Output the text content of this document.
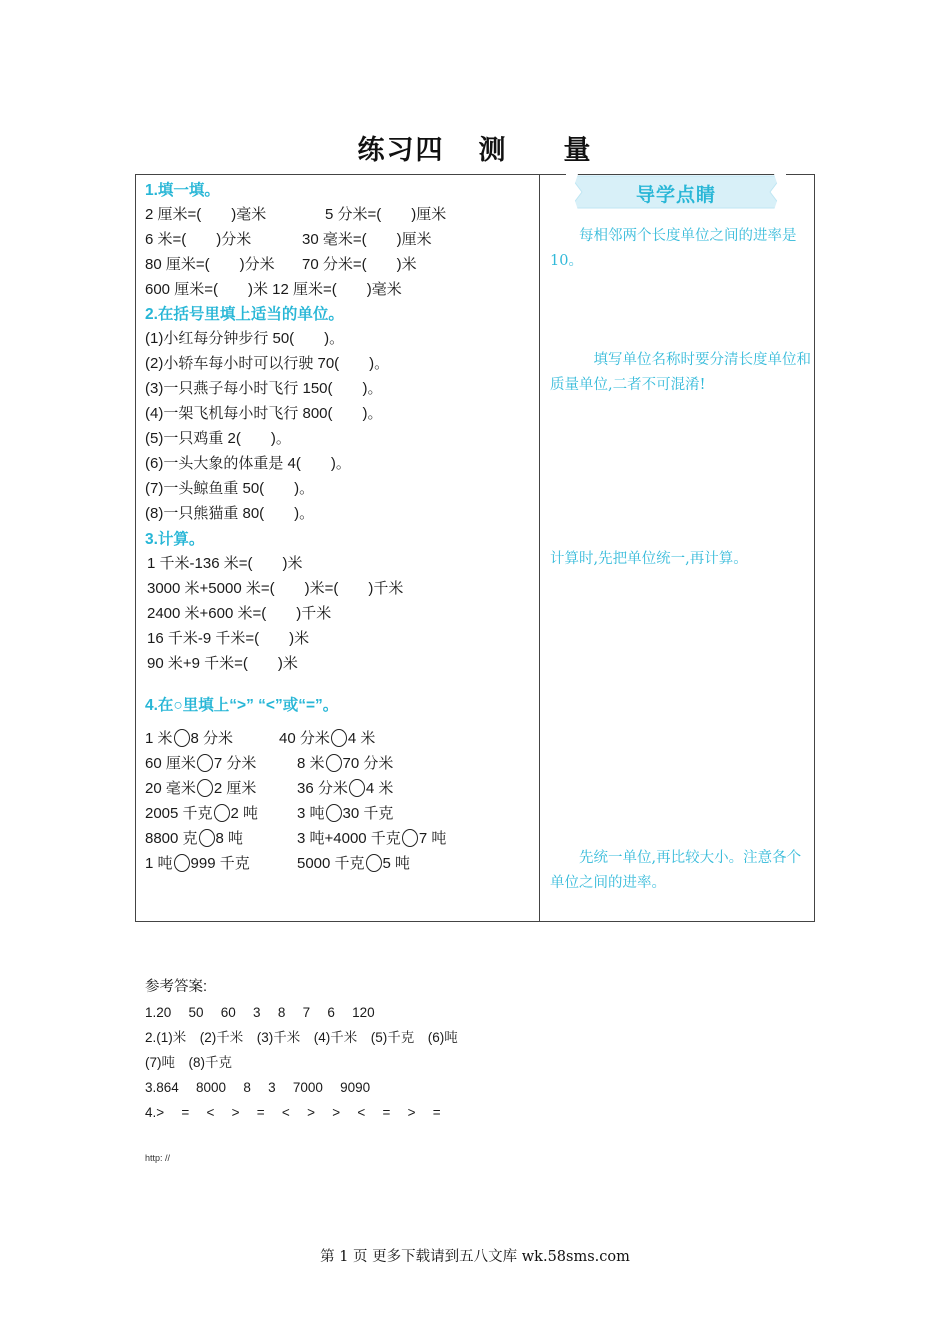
练习四 测 量
导学点睛
1.填一填。
2 厘米=(　　)毫米	5 分米=(　　)厘米
6 米=(　　)分米	30 毫米=(　　)厘米
80 厘米=(　　)分米 70 分米=(　　)米
600 厘米=(　　)米 12 厘米=(　　)毫米
2.在括号里填上适当的单位。
(1)小红每分钟步行 50(　　)。
(2)小轿车每小时可以行驶 70(　　)。
(3)一只燕子每小时飞行 150(　　)。
(4)一架飞机每小时飞行 800(　　)。
(5)一只鸡重 2(　　)。
(6)一头大象的体重是 4(　　)。
(7)一头鲸鱼重 50(　　)。
(8)一只熊猫重 80(　　)。
3.计算。
1 千米-136 米=(　　)米
3000 米+5000 米=(　　)米=(　　)千米
2400 米+600 米=(　　)千米
16 千米-9 千米=(　　)米
90 米+9 千米=(　　)米
4.在○里填上“>” “<”或“=”。
1 米 8 分米	40 分米 4 米
60 厘米 7 分米	8 米 70 分米
20 毫米 2 厘米	36 分米 4 米
2005 千克 2 吨	3 吨 30 千克
8800 克 8 吨	3 吨+4000 千克 7 吨
1 吨 999 千克	5000 千克 5 吨
每相邻两个长度单位之间的进率是 10。
填写单位名称时要分清长度单位和质量单位,二者不可混淆!
计算时,先把单位统一,再计算。
先统一单位,再比较大小。注意各个单位之间的进率。
参考答案:
1.20　 50　 60　 3　 8　 7　 6　 120
2.(1)米　(2)千米　(3)千米　(4)千米　(5)千克　(6)吨
(7)吨　(8)千克
3.864　 8000　 8　 3　 7000　 9090
4.>　 =　 <　 >　 =　 <　 >　 >　 <　 =　 >　 =
http: //
第 1 页 更多下载请到五八文库 wk.58sms.com
